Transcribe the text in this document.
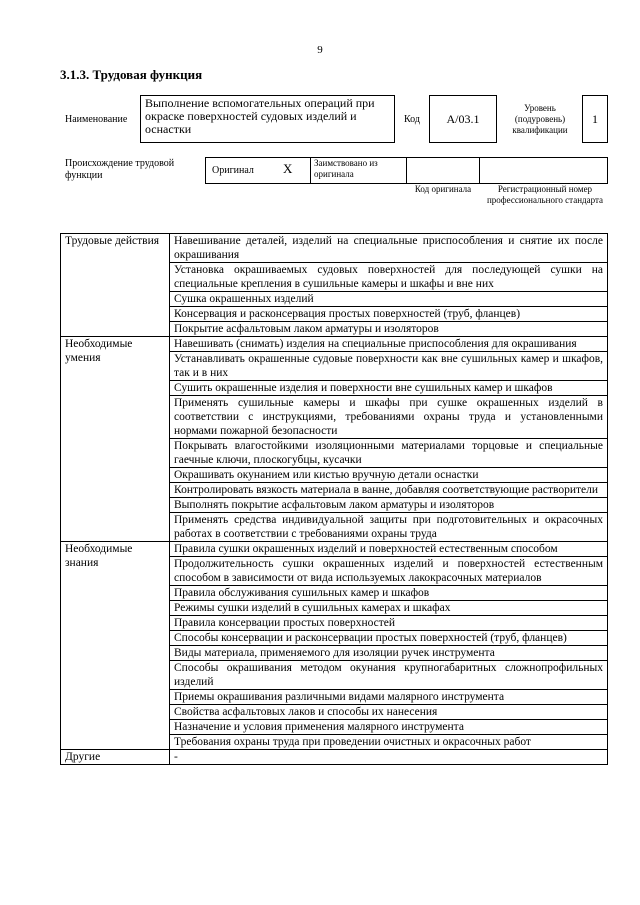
9
3.1.3. Трудовая функция
Наименование
Выполнение вспомогательных операций при окраске поверхностей судовых изделий и оснастки
Код	А/03.1
Уровень (подуровень) квалификации
1
Происхождение трудовой функции	Оригинал X Заимствовано из оригинала
Код оригинала	Регистрационный номер профессионального стандарта
Трудовые действия	Навешивание деталей, изделий на специальные приспособления и снятие их после окрашивания
	Установка окрашиваемых судовых поверхностей для последующей сушки на специальные крепления в сушильные камеры и шкафы и вне них
	Сушка окрашенных изделий
	Консервация и расконсервация простых поверхностей (труб, фланцев)
	Покрытие асфальтовым лаком арматуры и изоляторов
Необходимые умения	Навешивать (снимать) изделия на специальные приспособления для окрашивания
	Устанавливать окрашенные судовые поверхности как вне сушильных камер и шкафов, так и в них
	Сушить окрашенные изделия и поверхности вне сушильных камер и шкафов
	Применять сушильные камеры и шкафы при сушке окрашенных изделий в соответствии с инструкциями, требованиями охраны труда и установленными нормами пожарной безопасности
	Покрывать влагостойкими изоляционными материалами торцовые и специальные гаечные ключи, плоскогубцы, кусачки
	Окрашивать окунанием или кистью вручную детали оснастки
	Контролировать вязкость материала в ванне, добавляя соответствующие растворители
	Выполнять покрытие асфальтовым лаком арматуры и изоляторов
	Применять средства индивидуальной защиты при подготовительных и окрасочных работах в соответствии с требованиями охраны труда
Необходимые знания	Правила сушки окрашенных изделий и поверхностей естественным способом
	Продолжительность сушки окрашенных изделий и поверхностей естественным способом в зависимости от вида используемых лакокрасочных материалов
	Правила обслуживания сушильных камер и шкафов
	Режимы сушки изделий в сушильных камерах и шкафах
	Правила консервации простых поверхностей
	Способы консервации и расконсервации простых поверхностей (труб, фланцев)
	Виды материала, применяемого для изоляции ручек инструмента
	Способы окрашивания методом окунания крупногабаритных сложнопрофильных изделий
	Приемы окрашивания различными видами малярного инструмента
	Свойства асфальтовых лаков и способы их нанесения
	Назначение и условия применения малярного инструмента
	Требования охраны труда при проведении очистных и окрасочных работ
Другие	-
